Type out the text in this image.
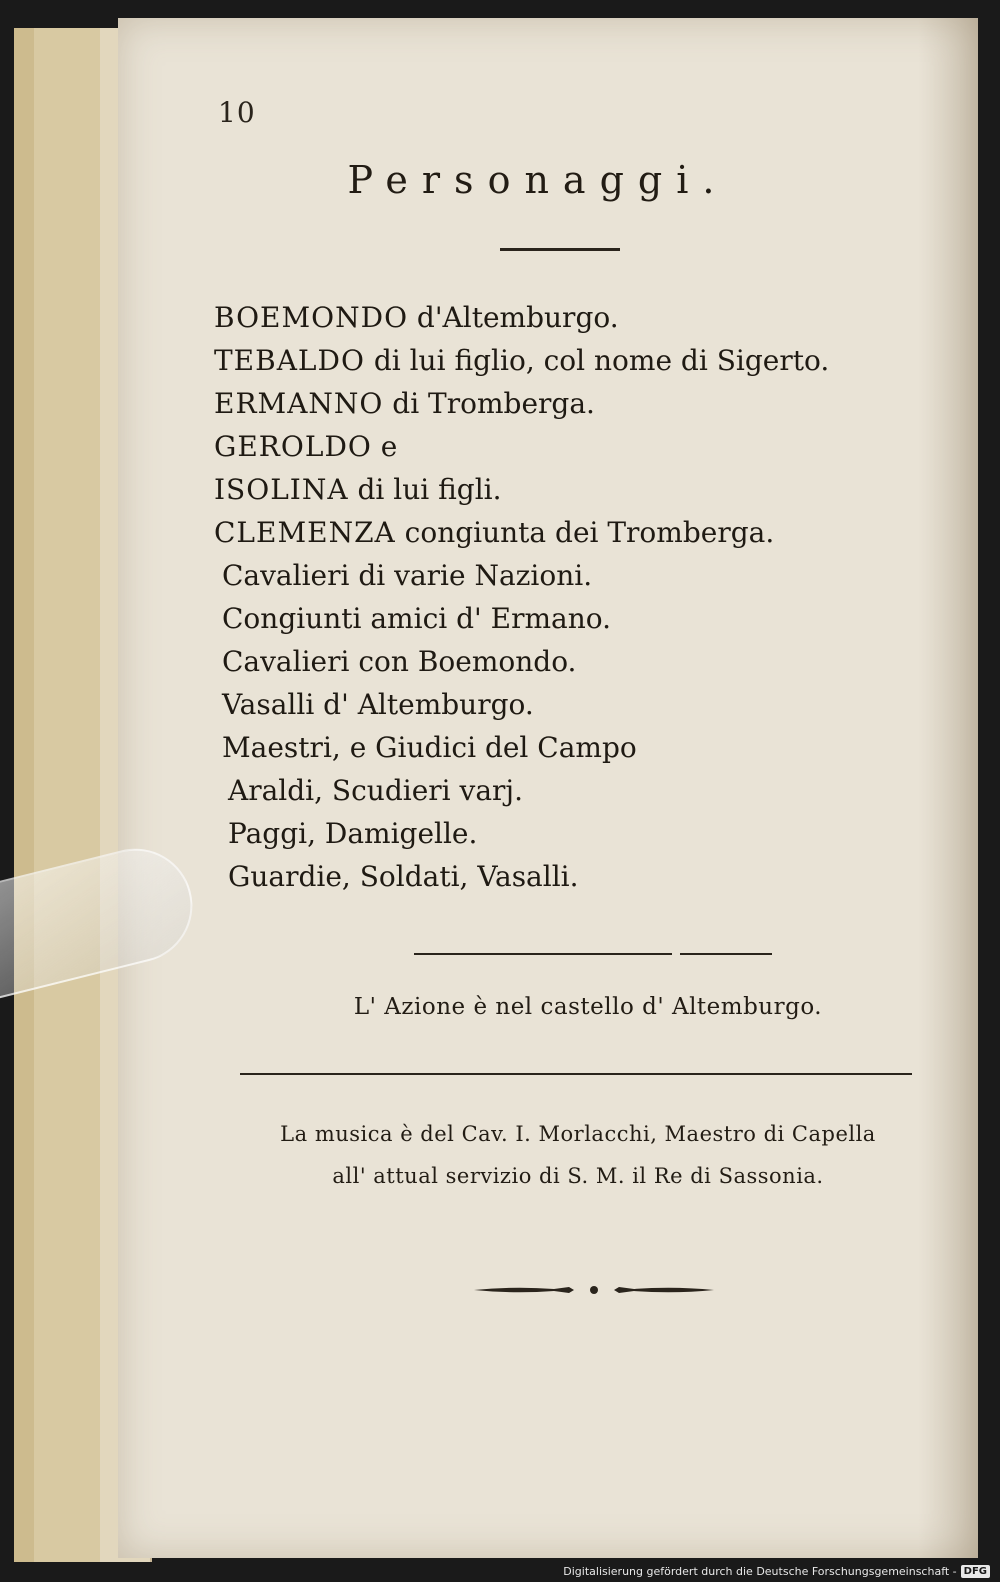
10
Personaggi.
BOEMONDO d'Altemburgo.
TEBALDO di lui figlio, col nome di Sigerto.
ERMANNO di Tromberga.
GEROLDO e
ISOLINA di lui figli.
CLEMENZA congiunta dei Tromberga.
Cavalieri di varie Nazioni.
Congiunti amici d' Ermano.
Cavalieri con Boemondo.
Vasalli d' Altemburgo.
Maestri, e Giudici del Campo
Araldi, Scudieri varj.
Paggi, Damigelle.
Guardie, Soldati, Vasalli.
L' Azione è nel castello d' Altemburgo.
La musica è del Cav. I. Morlacchi, Maestro di Capella
all' attual servizio di S. M. il Re di Sassonia.
Digitalisierung gefördert durch die Deutsche Forschungsgemeinschaft - DFG
